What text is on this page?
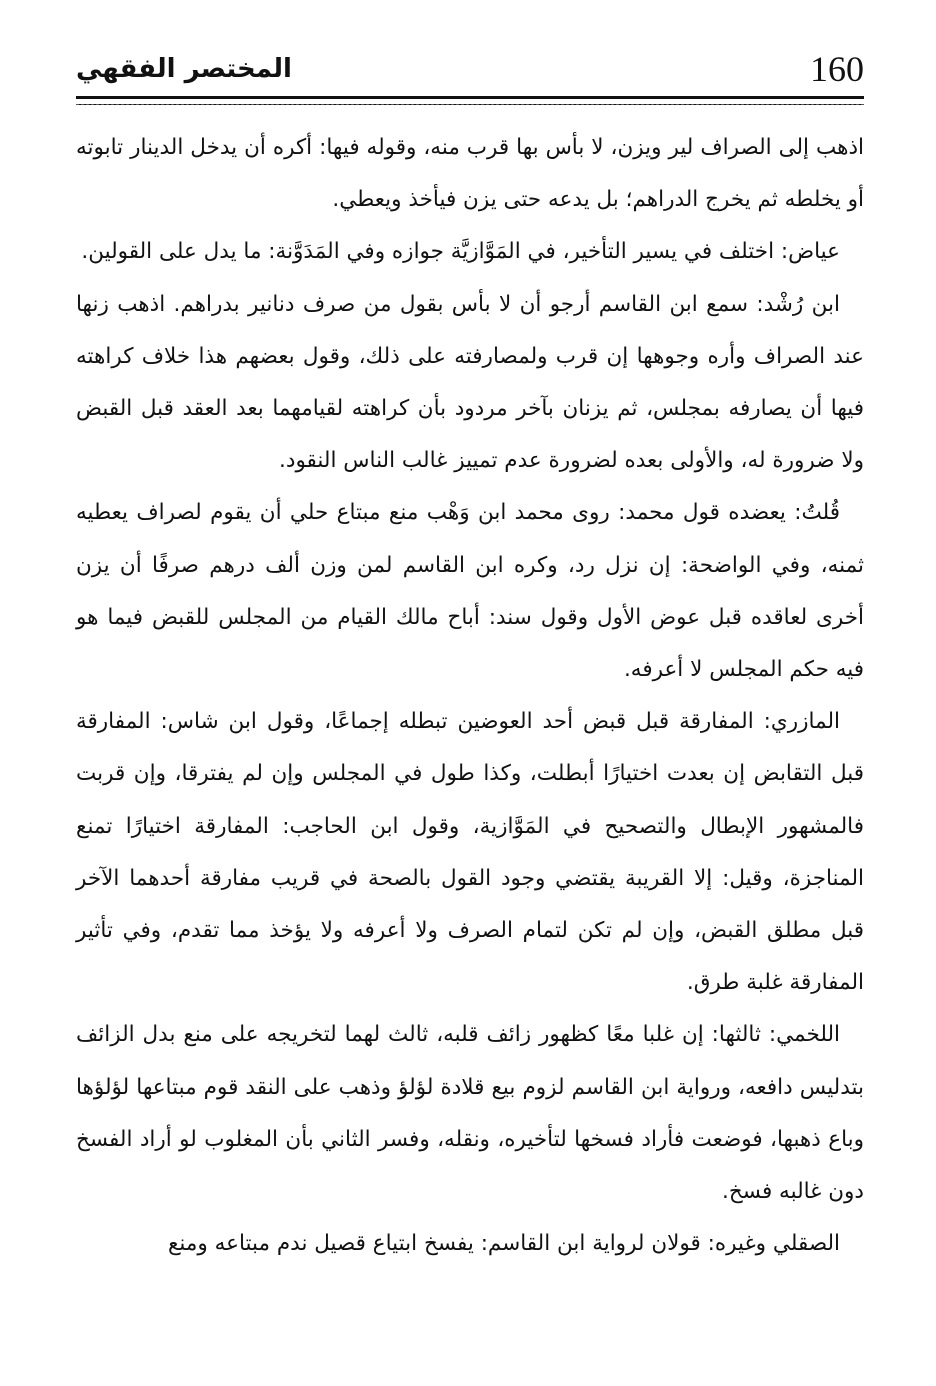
160
المختصر الفقهي

اذهب إلى الصراف لير ويزن، لا بأس بها قرب منه، وقوله فيها: أكره أن يدخل الدينار تابوته أو يخلطه ثم يخرج الدراهم؛ بل يدعه حتى يزن فيأخذ ويعطي.

عياض: اختلف في يسير التأخير، في المَوَّازيَّة جوازه وفي المَدَوَّنة: ما يدل على القولين.

ابن رُشْد: سمع ابن القاسم أرجو أن لا بأس بقول من صرف دنانير بدراهم. اذهب زنها عند الصراف وأره وجوهها إن قرب ولمصارفته على ذلك، وقول بعضهم هذا خلاف كراهته فيها أن يصارفه بمجلس، ثم يزنان بآخر مردود بأن كراهته لقيامهما بعد العقد قبل القبض ولا ضرورة له، والأولى بعده لضرورة عدم تمييز غالب الناس النقود.

قُلتُ: يعضده قول محمد: روى محمد ابن وَهْب منع مبتاع حلي أن يقوم لصراف يعطيه ثمنه، وفي الواضحة: إن نزل رد، وكره ابن القاسم لمن وزن ألف درهم صرفًا أن يزن أخرى لعاقده قبل عوض الأول وقول سند: أباح مالك القيام من المجلس للقبض فيما هو فيه حكم المجلس لا أعرفه.

المازري: المفارقة قبل قبض أحد العوضين تبطله إجماعًا، وقول ابن شاس: المفارقة قبل التقابض إن بعدت اختيارًا أبطلت، وكذا طول في المجلس وإن لم يفترقا، وإن قربت فالمشهور الإبطال والتصحيح في المَوَّازية، وقول ابن الحاجب: المفارقة اختيارًا تمنع المناجزة، وقيل: إلا القريبة يقتضي وجود القول بالصحة في قريب مفارقة أحدهما الآخر قبل مطلق القبض، وإن لم تكن لتمام الصرف ولا أعرفه ولا يؤخذ مما تقدم، وفي تأثير المفارقة غلبة طرق.

اللخمي: ثالثها: إن غلبا معًا كظهور زائف قلبه، ثالث لهما لتخريجه على منع بدل الزائف بتدليس دافعه، ورواية ابن القاسم لزوم بيع قلادة لؤلؤ وذهب على النقد قوم مبتاعها لؤلؤها وباع ذهبها، فوضعت فأراد فسخها لتأخيره، ونقله، وفسر الثاني بأن المغلوب لو أراد الفسخ دون غالبه فسخ.

الصقلي وغيره: قولان لرواية ابن القاسم: يفسخ ابتياع قصيل ندم مبتاعه ومنع
